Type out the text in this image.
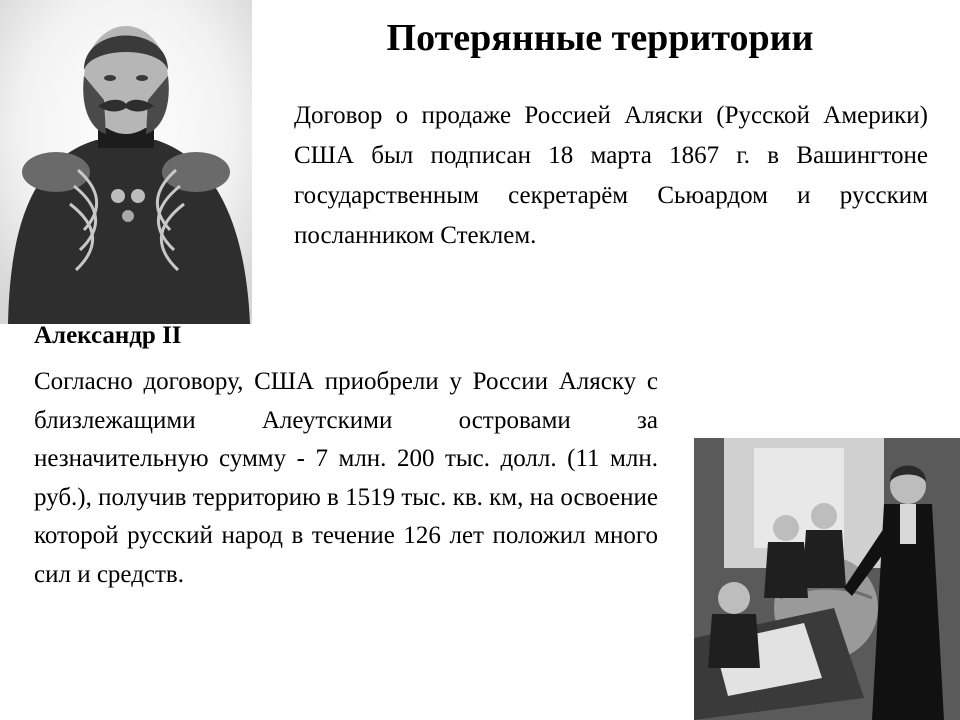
Потерянные территории

Договор о продаже Россией Аляски (Русской Америки) США был подписан 18 марта 1867 г. в Вашингтоне государственным секретарём Сьюардом и русским посланником Стеклем.

Александр II

Согласно договору, США приобрели у России Аляску с близлежащими Алеутскими островами за незначительную сумму - 7 млн. 200 тыс. долл. (11 млн. руб.), получив территорию в 1519 тыс. кв. км, на освоение которой русский народ в течение 126 лет положил много сил и средств.
